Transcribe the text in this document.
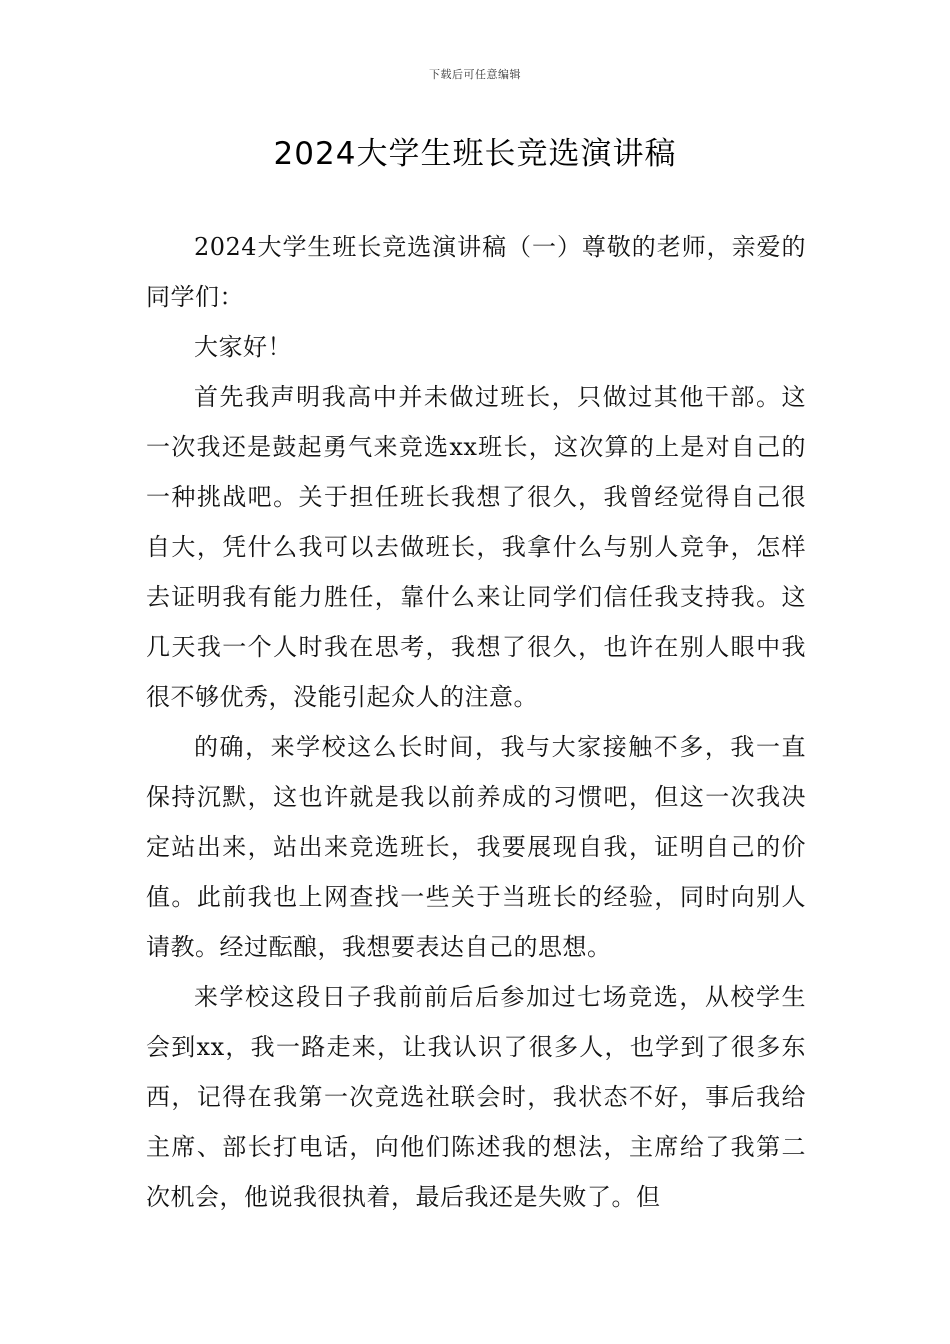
下载后可任意编辑
2024大学生班长竞选演讲稿

2024大学生班长竞选演讲稿（一）尊敬的老师，亲爱的同学们：

大家好！

首先我声明我高中并未做过班长，只做过其他干部。这一次我还是鼓起勇气来竞选xx班长，这次算的上是对自己的一种挑战吧。关于担任班长我想了很久，我曾经觉得自己很自大，凭什么我可以去做班长，我拿什么与别人竞争，怎样去证明我有能力胜任，靠什么来让同学们信任我支持我。这几天我一个人时我在思考，我想了很久，也许在别人眼中我很不够优秀，没能引起众人的注意。

的确，来学校这么长时间，我与大家接触不多，我一直保持沉默，这也许就是我以前养成的习惯吧，但这一次我决定站出来，站出来竞选班长，我要展现自我，证明自己的价值。此前我也上网查找一些关于当班长的经验，同时向别人请教。经过酝酿，我想要表达自己的思想。

来学校这段日子我前前后后参加过七场竞选，从校学生会到xx，我一路走来，让我认识了很多人，也学到了很多东西，记得在我第一次竞选社联会时，我状态不好，事后我给主席、部长打电话，向他们陈述我的想法，主席给了我第二次机会，他说我很执着，最后我还是失败了。但
